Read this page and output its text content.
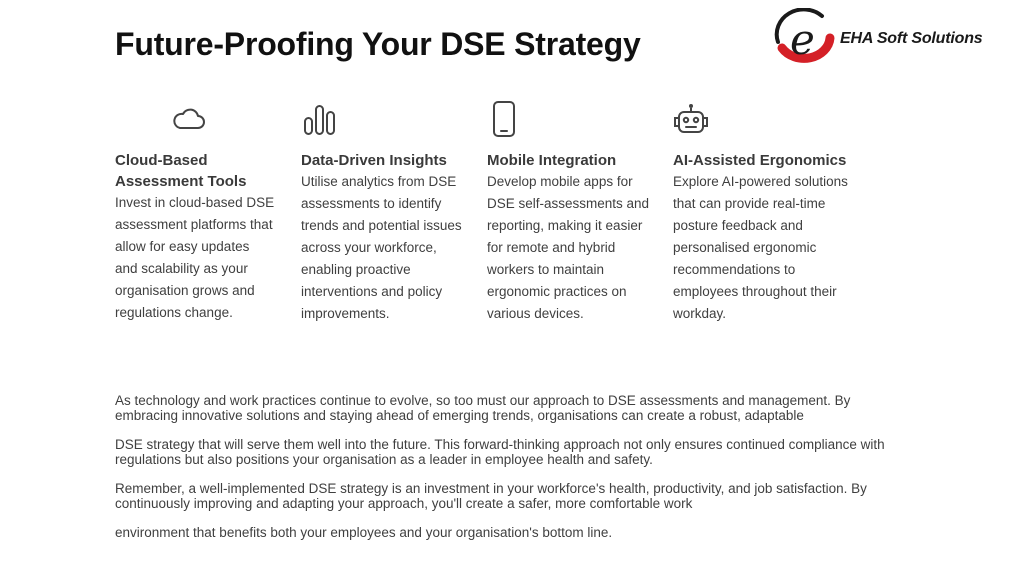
Future-Proofing Your DSE Strategy	e EHA Soft Solutions
Cloud-Based Assessment Tools

Invest in cloud-based DSE assessment platforms that allow for easy updates and scalability as your organisation grows and regulations change.

Data-Driven Insights

Utilise analytics from DSE assessments to identify trends and potential issues across your workforce, enabling proactive interventions and policy improvements.

Mobile Integration

Develop mobile apps for DSE self-assessments and reporting, making it easier for remote and hybrid workers to maintain ergonomic practices on various devices.

AI-Assisted Ergonomics

Explore AI-powered solutions that can provide real-time posture feedback and personalised ergonomic recommendations to employees throughout their workday.

As technology and work practices continue to evolve, so too must our approach to DSE assessments and management. By embracing innovative solutions and staying ahead of emerging trends, organisations can create a robust, adaptable

DSE strategy that will serve them well into the future. This forward-thinking approach not only ensures continued compliance with regulations but also positions your organisation as a leader in employee health and safety.

Remember, a well-implemented DSE strategy is an investment in your workforce's health, productivity, and job satisfaction. By continuously improving and adapting your approach, you'll create a safer, more comfortable work

environment that benefits both your employees and your organisation's bottom line.
